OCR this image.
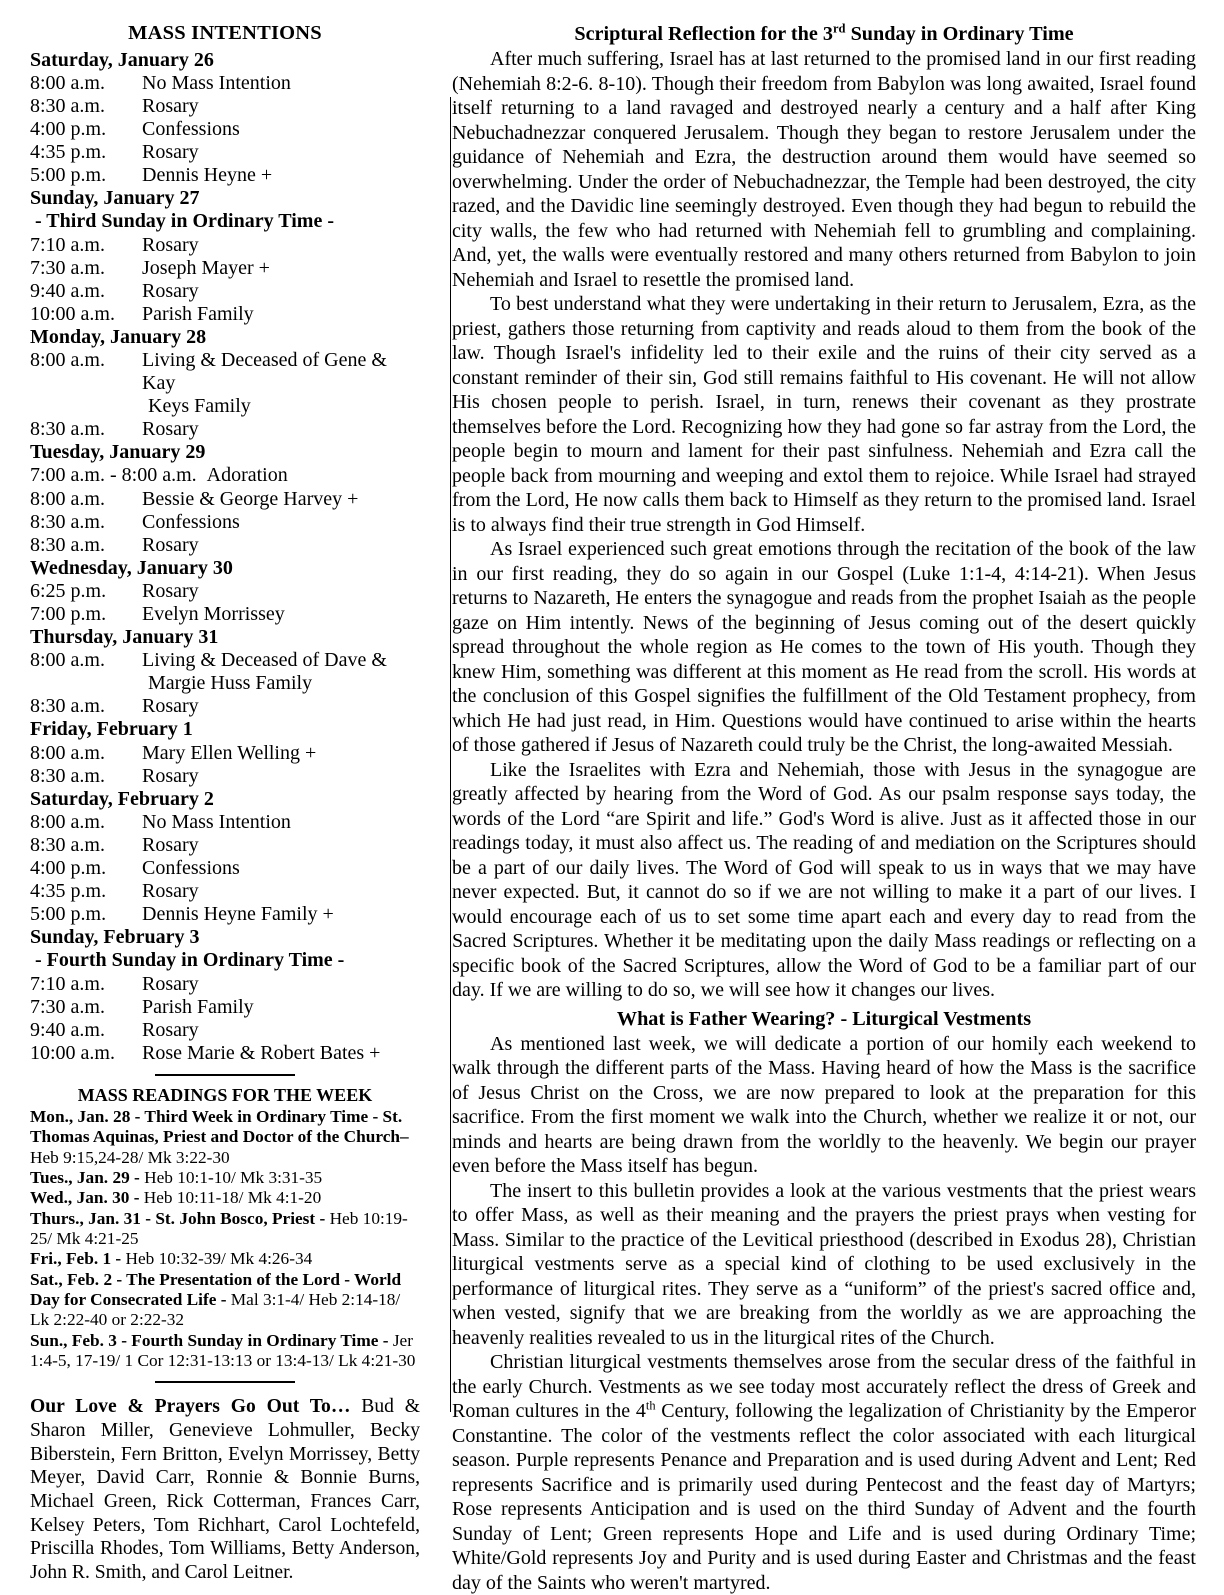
MASS INTENTIONS
Saturday, January 26
8:00 a.m. 	No Mass Intention
8:30 a.m. 	Rosary
4:00 p.m. 	Confessions
4:35 p.m. 	Rosary
5:00 p.m. 	Dennis Heyne +
Sunday, January 27
- Third Sunday in Ordinary Time -
7:10 a.m. 	Rosary
7:30 a.m. 	Joseph Mayer +
9:40 a.m. 	Rosary
10:00 a.m.  Parish Family
Monday, January 28
8:00 a.m. 	Living & Deceased of Gene & Kay
Keys Family
8:30 a.m. 	Rosary
Tuesday, January 29
7:00 a.m. - 8:00 a.m.  Adoration
8:00 a.m. 	Bessie & George Harvey +
8:30 a.m. 	Confessions
8:30 a.m. 	Rosary
Wednesday, January 30
6:25 p.m. 	Rosary
7:00 p.m. 	Evelyn Morrissey
Thursday, January 31
8:00 a.m. 	Living & Deceased of Dave &
Margie Huss Family
8:30 a.m. 	Rosary
Friday, February 1
8:00 a.m. 	Mary Ellen Welling +
8:30 a.m. 	Rosary
Saturday, February 2
8:00 a.m. 	No Mass Intention
8:30 a.m. 	Rosary
4:00 p.m. 	Confessions
4:35 p.m. 	Rosary
5:00 p.m. 	Dennis Heyne Family +
Sunday, February 3
- Fourth Sunday in Ordinary Time -
7:10 a.m. 	Rosary
7:30 a.m. 	Parish Family
9:40 a.m. 	Rosary
10:00 a.m.  Rose Marie & Robert Bates +
MASS READINGS FOR THE WEEK

Mon., Jan. 28 - Third Week in Ordinary Time - St. Thomas Aquinas, Priest and Doctor of the Church–Heb 9:15,24-28/ Mk 3:22-30

Tues., Jan. 29 - Heb 10:1-10/ Mk 3:31-35

Wed., Jan. 30 - Heb 10:11-18/ Mk 4:1-20

Thurs., Jan. 31 - St. John Bosco, Priest - Heb 10:19-25/ Mk 4:21-25

Fri., Feb. 1 - Heb 10:32-39/ Mk 4:26-34

Sat., Feb. 2 - The Presentation of the Lord - World Day for Consecrated Life - Mal 3:1-4/ Heb 2:14-18/ Lk 2:22-40 or 2:22-32

Sun., Feb. 3 - Fourth Sunday in Ordinary Time - Jer 1:4-5, 17-19/ 1 Cor 12:31-13:13 or 13:4-13/ Lk 4:21-30

Our Love & Prayers Go Out To… Bud & Sharon Miller, Genevieve Lohmuller, Becky Biberstein, Fern Britton, Evelyn Morrissey, Betty Meyer, David Carr, Ronnie & Bonnie Burns, Michael Green, Rick Cotterman, Frances Carr, Kelsey Peters, Tom Richhart, Carol Lochtefeld, Priscilla Rhodes, Tom Williams, Betty Anderson, John R. Smith, and Carol Leitner.

Scriptural Reflection for the 3rd Sunday in Ordinary Time

After much suffering, Israel has at last returned to the promised land in our first reading (Nehemiah 8:2-6. 8-10). Though their freedom from Babylon was long awaited, Israel found itself returning to a land ravaged and destroyed nearly a century and a half after King Nebuchadnezzar conquered Jerusalem. Though they began to restore Jerusalem under the guidance of Nehemiah and Ezra, the destruction around them would have seemed so overwhelming. Under the order of Nebuchadnezzar, the Temple had been destroyed, the city razed, and the Davidic line seemingly destroyed. Even though they had begun to rebuild the city walls, the few who had returned with Nehemiah fell to grumbling and complaining. And, yet, the walls were eventually restored and many others returned from Babylon to join Nehemiah and Israel to resettle the promised land.

To best understand what they were undertaking in their return to Jerusalem, Ezra, as the priest, gathers those returning from captivity and reads aloud to them from the book of the law. Though Israel's infidelity led to their exile and the ruins of their city served as a constant reminder of their sin, God still remains faithful to His covenant. He will not allow His chosen people to perish. Israel, in turn, renews their covenant as they prostrate themselves before the Lord. Recognizing how they had gone so far astray from the Lord, the people begin to mourn and lament for their past sinfulness. Nehemiah and Ezra call the people back from mourning and weeping and extol them to rejoice. While Israel had strayed from the Lord, He now calls them back to Himself as they return to the promised land. Israel is to always find their true strength in God Himself.

As Israel experienced such great emotions through the recitation of the book of the law in our first reading, they do so again in our Gospel (Luke 1:1-4, 4:14-21). When Jesus returns to Nazareth, He enters the synagogue and reads from the prophet Isaiah as the people gaze on Him intently. News of the beginning of Jesus coming out of the desert quickly spread throughout the whole region as He comes to the town of His youth. Though they knew Him, something was different at this moment as He read from the scroll. His words at the conclusion of this Gospel signifies the fulfillment of the Old Testament prophecy, from which He had just read, in Him. Questions would have continued to arise within the hearts of those gathered if Jesus of Nazareth could truly be the Christ, the long-awaited Messiah.

Like the Israelites with Ezra and Nehemiah, those with Jesus in the synagogue are greatly affected by hearing from the Word of God. As our psalm response says today, the words of the Lord “are Spirit and life.” God's Word is alive. Just as it affected those in our readings today, it must also affect us. The reading of and mediation on the Scriptures should be a part of our daily lives. The Word of God will speak to us in ways that we may have never expected. But, it cannot do so if we are not willing to make it a part of our lives. I would encourage each of us to set some time apart each and every day to read from the Sacred Scriptures. Whether it be meditating upon the daily Mass readings or reflecting on a specific book of the Sacred Scriptures, allow the Word of God to be a familiar part of our day. If we are willing to do so, we will see how it changes our lives.

What is Father Wearing? - Liturgical Vestments

As mentioned last week, we will dedicate a portion of our homily each weekend to walk through the different parts of the Mass. Having heard of how the Mass is the sacrifice of Jesus Christ on the Cross, we are now prepared to look at the preparation for this sacrifice. From the first moment we walk into the Church, whether we realize it or not, our minds and hearts are being drawn from the worldly to the heavenly. We begin our prayer even before the Mass itself has begun.

The insert to this bulletin provides a look at the various vestments that the priest wears to offer Mass, as well as their meaning and the prayers the priest prays when vesting for Mass. Similar to the practice of the Levitical priesthood (described in Exodus 28), Christian liturgical vestments serve as a special kind of clothing to be used exclusively in the performance of liturgical rites. They serve as a “uniform” of the priest's sacred office and, when vested, signify that we are breaking from the worldly as we are approaching the heavenly realities revealed to us in the liturgical rites of the Church.

Christian liturgical vestments themselves arose from the secular dress of the faithful in the early Church. Vestments as we see today most accurately reflect the dress of Greek and Roman cultures in the 4th Century, following the legalization of Christianity by the Emperor Constantine. The color of the vestments reflect the color associated with each liturgical season. Purple represents Penance and Preparation and is used during Advent and Lent; Red represents Sacrifice and is primarily used during Pentecost and the feast day of Martyrs; Rose represents Anticipation and is used on the third Sunday of Advent and the fourth Sunday of Lent; Green represents Hope and Life and is used during Ordinary Time; White/Gold represents Joy and Purity and is used during Easter and Christmas and the feast day of the Saints who weren't martyred.
